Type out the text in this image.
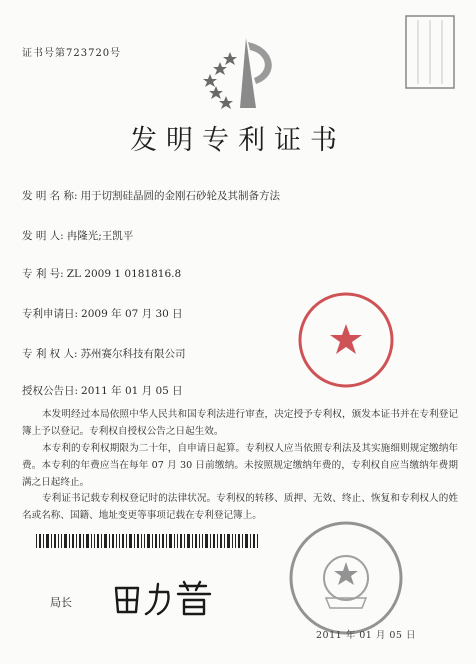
证书号第723720号
发明专利证书
发 明 名 称: 用于切割硅晶圆的金刚石砂轮及其制备方法
发 明 人: 冉隆光;王凯平
专 利 号: ZL 2009 1 0181816.8
专利申请日: 2009 年 07 月 30 日
专 利 权 人: 苏州赛尔科技有限公司
授权公告日: 2011 年 01 月 05 日
本发明经过本局依照中华人民共和国专利法进行审查，决定授予专利权，颁发本证书并在专利登记簿上予以登记。专利权自授权公告之日起生效。
本专利的专利权期限为二十年，自申请日起算。专利权人应当依照专利法及其实施细则规定缴纳年费。本专利的年费应当在每年 07 月 30 日前缴纳。未按照规定缴纳年费的，专利权自应当缴纳年费期满之日起终止。
专利证书记载专利权登记时的法律状况。专利权的转移、质押、无效、终止、恢复和专利权人的姓名或名称、国籍、地址变更等事项记载在专利登记簿上。
局长
2011 年 01 月 05 日
